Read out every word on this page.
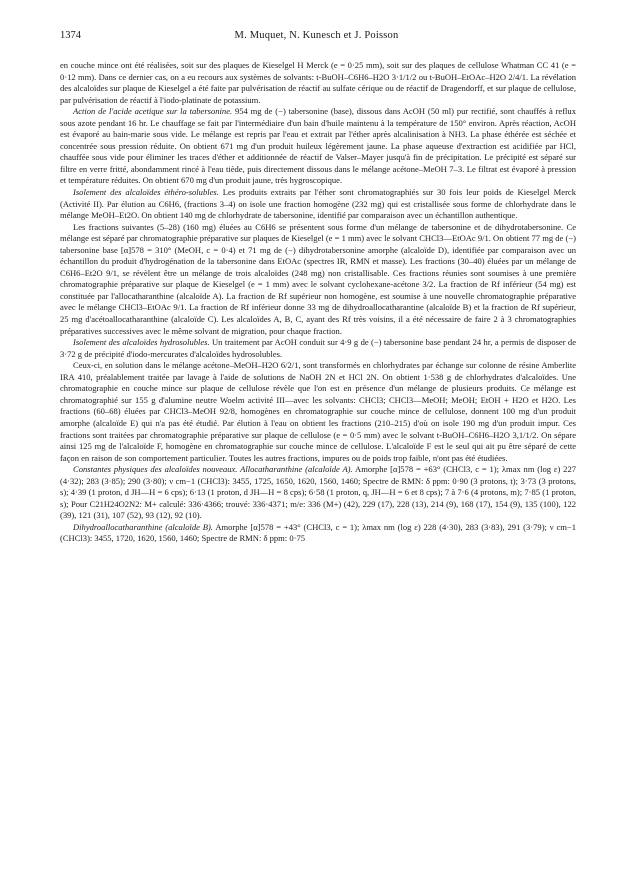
1374	M. Muquet, N. Kunesch et J. Poisson

en couche mince ont été réalisées, soit sur des plaques de Kieselgel H Merck (e = 0·25 mm), soit sur des plaques de cellulose Whatman CC 41 (e = 0·12 mm). Dans ce dernier cas, on a eu recours aux systèmes de solvants: t-BuOH–C6H6–H2O 3·1/1/2 ou t-BuOH–EtOAc–H2O 2/4/1. La révélation des alcaloïdes sur plaque de Kieselgel a été faite par pulvérisation de réactif au sulfate cérique ou de réactif de Dragendorff, et sur plaque de cellulose, par pulvérisation de réactif à l'iodo-platinate de potassium.

Action de l'acide acetique sur la tabersonine. 954 mg de (−) tabersonine (base), dissous dans AcOH (50 ml) pur rectifié, sont chauffés à reflux sous azote pendant 16 hr. Le chauffage se fait par l'intermédiaire d'un bain d'huile maintenu à la température de 150° environ. Après réaction, AcOH est évaporé au bain-marie sous vide. Le mélange est repris par l'eau et extrait par l'éther après alcalinisation à NH3. La phase éthérée est séchée et concentrée sous pression réduite. On obtient 671 mg d'un produit huileux légèrement jaune. La phase aqueuse d'extraction est acidifiée par HCl, chauffée sous vide pour éliminer les traces d'éther et additionnée de réactif de Valser–Mayer jusqu'à fin de précipitation. Le précipité est séparé sur filtre en verre fritté, abondamment rincé à l'eau tiède, puis directement dissous dans le mélange acétone–MeOH 7–3. Le filtrat est évaporé à pression et température réduites. On obtient 670 mg d'un produit jaune, très hygroscopique.

Isolement des alcaloïdes éthéro-solubles. Les produits extraits par l'éther sont chromatographiés sur 30 fois leur poids de Kieselgel Merck (Activité II). Par élution au C6H6, (fractions 3–4) on isole une fraction homogène (232 mg) qui est cristallisée sous forme de chlorhydrate dans le mélange MeOH–Et2O. On obtient 140 mg de chlorhydrate de tabersonine, identifié par comparaison avec un échantillon authentique.

Les fractions suivantes (5–28) (160 mg) éluées au C6H6 se présentent sous forme d'un mélange de tabersonine et de dihydrotabersonine. Ce mélange est séparé par chromatographie préparative sur plaques de Kieselgel (e = 1 mm) avec le solvant CHCl3—EtOAc 9/1. On obtient 77 mg de (−) tabersonine base [α]578 = 310° (MeOH, c = 0·4) et 71 mg de (−) dihydrotabersonine amorphe (alcaloïde D), identifiée par comparaison avec un échantillon du produit d'hydrogénation de la tabersonine dans EtOAc (spectres IR, RMN et masse). Les fractions (30–40) éluées par un mélange de C6H6–Et2O 9/1, se révèlent être un mélange de trois alcaloïdes (248 mg) non cristallisable. Ces fractions réunies sont soumises à une première chromatographie préparative sur plaque de Kieselgel (e = 1 mm) avec le solvant cyclohexane-acétone 3/2. La fraction de Rf inférieur (54 mg) est constituée par l'allocatharanthine (alcaloïde A). La fraction de Rf supérieur non homogène, est soumise à une nouvelle chromatographie préparative avec le mélange CHCl3–EtOAc 9/1. La fraction de Rf inférieur donne 33 mg de dihydroallocatharantine (alcaloïde B) et la fraction de Rf supérieur, 25 mg d'acétoallocatharanthine (alcaloïde C). Les alcaloïdes A, B, C, ayant des Rf très voisins, il a été nécessaire de faire 2 à 3 chromatographies préparatives successives avec le même solvant de migration, pour chaque fraction.

Isolement des alcaloïdes hydrosolubles. Un traitement par AcOH conduit sur 4·9 g de (−) tabersonine base pendant 24 hr, a permis de disposer de 3·72 g de précipité d'iodo-mercurates d'alcaloïdes hydrosolubles.

Ceux-ci, en solution dans le mélange acétone–MeOH–H2O 6/2/1, sont transformés en chlorhydrates par échange sur colonne de résine Amberlite IRA 410, préalablement traitée par lavage à l'aide de solutions de NaOH 2N et HCl 2N. On obtient 1·538 g de chlorhydrates d'alcaloïdes. Une chromatographie en couche mince sur plaque de cellulose révèle que l'on est en présence d'un mélange de plusieurs produits. Ce mélange est chromatographié sur 155 g d'alumine neutre Woelm activité III—avec les solvants: CHCl3; CHCl3—MeOH; MeOH; EtOH + H2O et H2O. Les fractions (60–68) éluées par CHCl3–MeOH 92/8, homogènes en chromatographie sur couche mince de cellulose, donnent 100 mg d'un produit amorphe (alcaloïde E) qui n'a pas été étudié. Par élution à l'eau on obtient les fractions (210–215) d'où on isole 190 mg d'un produit impur. Ces fractions sont traitées par chromatographie préparative sur plaque de cellulose (e = 0·5 mm) avec le solvant t-BuOH–C6H6–H2O 3,1/1/2. On sépare ainsi 125 mg de l'alcaloïde F, homogène en chromatographie sur couche mince de cellulose. L'alcaloïde F est le seul qui ait pu être séparé de cette façon en raison de son comportement particulier. Toutes les autres fractions, impures ou de poids trop faible, n'ont pas été étudiées.

Constantes physiques des alcaloïdes nouveaux. Allocatharanthine (alcaloïde A). Amorphe [α]578 = +63° (CHCl3, c = 1); λmax nm (log ε) 227 (4·32); 283 (3·85); 290 (3·80); ν cm−1 (CHCl3): 3455, 1725, 1650, 1620, 1560, 1460; Spectre de RMN: δ ppm: 0·90 (3 protons, t); 3·73 (3 protons, s); 4·39 (1 proton, d JH—H = 6 cps); 6·13 (1 proton, d JH—H = 8 cps); 6·58 (1 proton, q, JH—H = 6 et 8 cps); 7 à 7·6 (4 protons, m); 7·85 (1 proton, s); Pour C21H24O2N2: M+ calculé: 336·4366; trouvé: 336·4371; m/e: 336 (M+) (42), 229 (17), 228 (13), 214 (9), 168 (17), 154 (9), 135 (100), 122 (39), 121 (31), 107 (52), 93 (12), 92 (10).

Dihydroallocatharanthine (alcaloïde B). Amorphe [α]578 = +43° (CHCl3, c = 1); λmax nm (log ε) 228 (4·30), 283 (3·83), 291 (3·79); ν cm−1 (CHCl3): 3455, 1720, 1620, 1560, 1460; Spectre de RMN: δ ppm: 0·75
